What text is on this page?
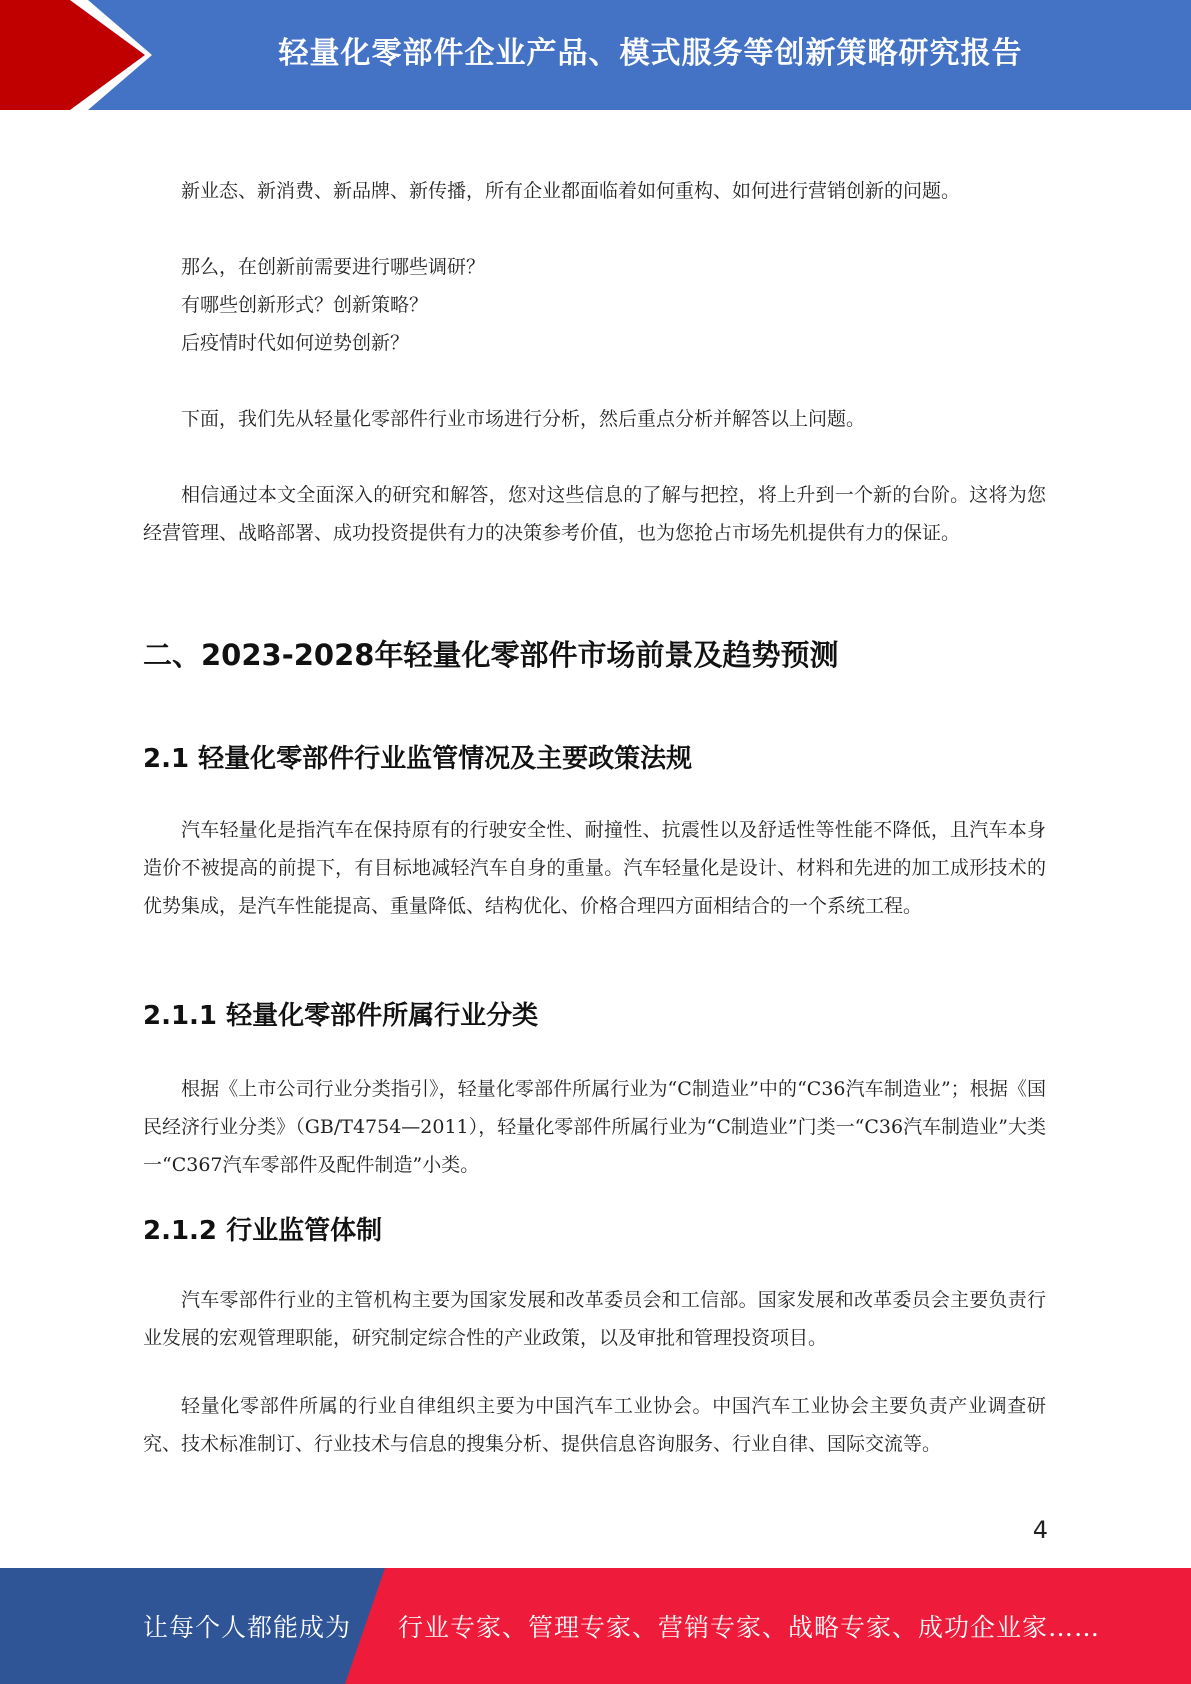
轻量化零部件企业产品、模式服务等创新策略研究报告

新业态、新消费、新品牌、新传播，所有企业都面临着如何重构、如何进行营销创新的问题。

那么，在创新前需要进行哪些调研？

有哪些创新形式？创新策略？

后疫情时代如何逆势创新？

下面，我们先从轻量化零部件行业市场进行分析，然后重点分析并解答以上问题。

相信通过本文全面深入的研究和解答，您对这些信息的了解与把控，将上升到一个新的台阶。这将为您经营管理、战略部署、成功投资提供有力的决策参考价值，也为您抢占市场先机提供有力的保证。

二、2023-2028年轻量化零部件市场前景及趋势预测
2.1 轻量化零部件行业监管情况及主要政策法规

汽车轻量化是指汽车在保持原有的行驶安全性、耐撞性、抗震性以及舒适性等性能不降低，且汽车本身造价不被提高的前提下，有目标地减轻汽车自身的重量。汽车轻量化是设计、材料和先进的加工成形技术的优势集成，是汽车性能提高、重量降低、结构优化、价格合理四方面相结合的一个系统工程。

2.1.1 轻量化零部件所属行业分类

根据《上市公司行业分类指引》，轻量化零部件所属行业为“C制造业”中的“C36汽车制造业”；根据《国民经济行业分类》（GB/T4754—2011），轻量化零部件所属行业为“C制造业”门类一“C36汽车制造业”大类一“C367汽车零部件及配件制造”小类。

2.1.2 行业监管体制

汽车零部件行业的主管机构主要为国家发展和改革委员会和工信部。国家发展和改革委员会主要负责行业发展的宏观管理职能，研究制定综合性的产业政策，以及审批和管理投资项目。

轻量化零部件所属的行业自律组织主要为中国汽车工业协会。中国汽车工业协会主要负责产业调查研究、技术标准制订、行业技术与信息的搜集分析、提供信息咨询服务、行业自律、国际交流等。

4
让每个人都能成为 行业专家、管理专家、营销专家、战略专家、成功企业家……
